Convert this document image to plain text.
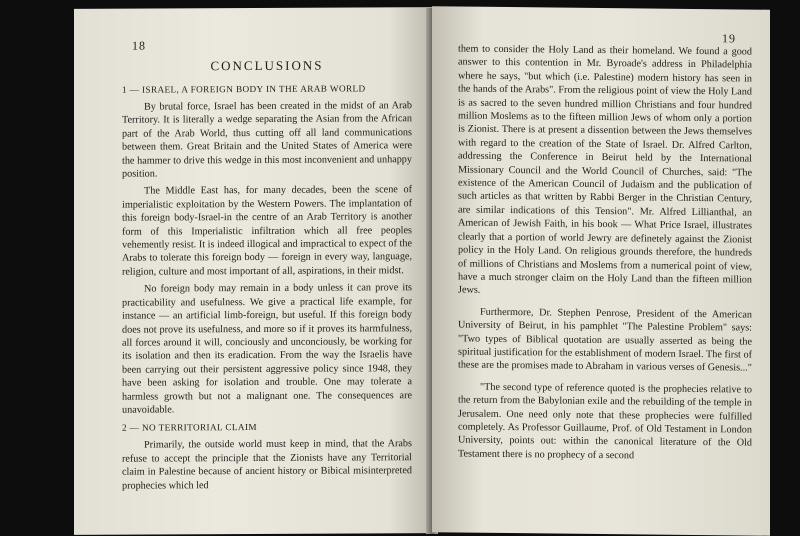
18
CONCLUSIONS
1 — ISRAEL, A FOREIGN BODY IN THE ARAB WORLD

By brutal force, Israel has been created in the midst of an Arab Territory. It is literally a wedge separating the Asian from the African part of the Arab World, thus cutting off all land communications between them. Great Britain and the United States of America were the hammer to drive this wedge in this most inconvenient and unhappy position.

The Middle East has, for many decades, been the scene of imperialistic exploitation by the Western Powers. The implantation of this foreign body-Israel-in the centre of an Arab Territory is another form of this Imperialistic infiltration which all free peoples vehemently resist. It is indeed illogical and impractical to expect of the Arabs to tolerate this foreign body — foreign in every way, language, religion, culture and most important of all, aspirations, in their midst.

No foreign body may remain in a body unless it can prove its practicability and usefulness. We give a practical life example, for instance — an artificial limb-foreign, but useful. If this foreign body does not prove its usefulness, and more so if it proves its harmfulness, all forces around it will, conciously and unconciously, be working for its isolation and then its eradication. From the way the Israelis have been carrying out their persistent aggressive policy since 1948, they have been asking for isolation and trouble. One may tolerate a harmless growth but not a malignant one. The consequences are unavoidable.

2 — NO TERRITORIAL CLAIM

Primarily, the outside world must keep in mind, that the Arabs refuse to accept the principle that the Zionists have any Territorial claim in Palestine because of ancient history or Bibical misinterpreted prophecies which led

19

them to consider the Holy Land as their homeland. We found a good answer to this contention in Mr. Byroade's address in Philadelphia where he says, "but which (i.e. Palestine) modern history has seen in the hands of the Arabs". From the religious point of view the Holy Land is as sacred to the seven hundred million Christians and four hundred million Moslems as to the fifteen million Jews of whom only a portion is Zionist. There is at present a dissention between the Jews themselves with regard to the creation of the State of Israel. Dr. Alfred Carlton, addressing the Conference in Beirut held by the International Missionary Council and the World Council of Churches, said: "The existence of the American Council of Judaism and the publication of such articles as that written by Rabbi Berger in the Christian Century, are similar indications of this Tension". Mr. Alfred Lillianthal, an American of Jewish Faith, in his book — What Price Israel, illustrates clearly that a portion of world Jewry are definetely against the Zionist policy in the Holy Land. On religious grounds therefore, the hundreds of millions of Christians and Moslems from a numerical point of view, have a much stronger claim on the Holy Land than the fifteen million Jews.

Furthermore, Dr. Stephen Penrose, President of the American University of Beirut, in his pamphlet "The Palestine Problem" says: "Two types of Biblical quotation are usually asserted as being the spiritual justification for the establishment of modern Israel. The first of these are the promises made to Abraham in various verses of Genesis..."

"The second type of reference quoted is the prophecies relative to the return from the Babylonian exile and the rebuilding of the temple in Jerusalem. One need only note that these prophecies were fulfilled completely. As Professor Guillaume, Prof. of Old Testament in London University, points out: within the canonical literature of the Old Testament there is no prophecy of a second
